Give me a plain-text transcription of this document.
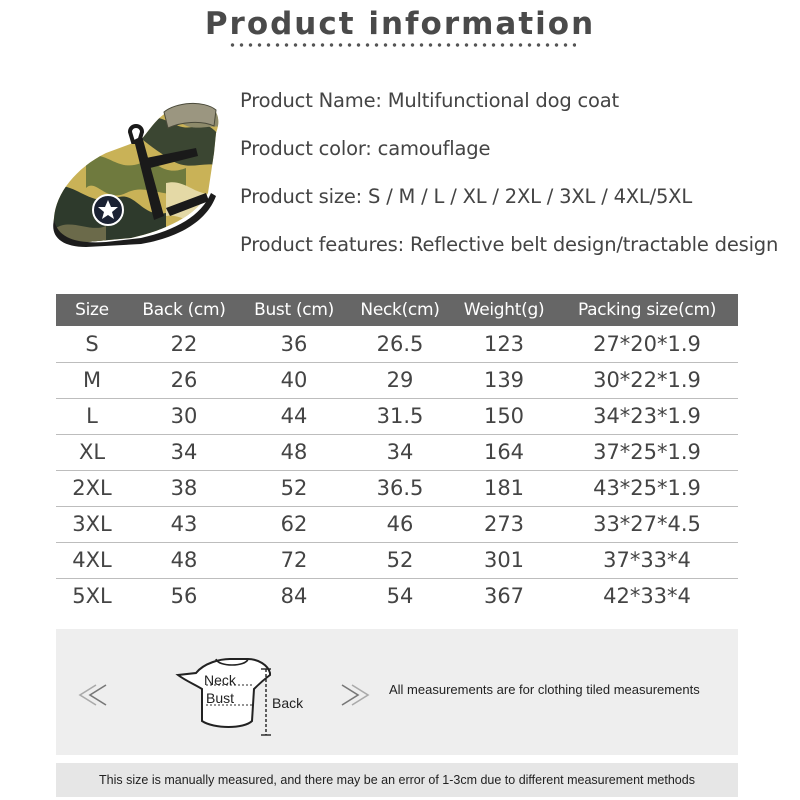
Product information
Product Name: Multifunctional dog coat
Product color: camouflage
Product size: S / M / L / XL / 2XL / 3XL / 4XL/5XL
Product features: Reflective belt design/tractable design
Size	Back (cm)	Bust (cm)	Neck(cm)	Weight(g)	Packing size(cm)
S	22	36	26.5	123	27*20*1.9
M	26	40	29	139	30*22*1.9
L	30	44	31.5	150	34*23*1.9
XL	34	48	34	164	37*25*1.9
2XL	38	52	36.5	181	43*25*1.9
3XL	43	62	46	273	33*27*4.5
4XL	48	72	52	301	37*33*4
5XL	56	84	54	367	42*33*4
Neck
Bust	Back
All measurements are for clothing tiled measurements
This size is manually measured, and there may be an error of 1-3cm due to different measurement methods
